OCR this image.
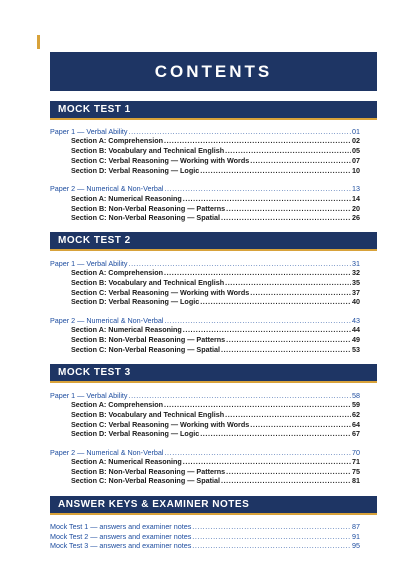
CONTENTS
MOCK TEST 1
Paper 1 — Verbal Ability .....	01
Section A: Comprehension .....	02
Section B: Vocabulary and Technical English .....	05
Section C: Verbal Reasoning — Working with Words .....	07
Section D: Verbal Reasoning — Logic .....	10
Paper 2 — Numerical & Non-Verbal .....	13
Section A: Numerical Reasoning .....	14
Section B: Non-Verbal Reasoning — Patterns .....	20
Section C: Non-Verbal Reasoning — Spatial .....	26
MOCK TEST 2
Paper 1 — Verbal Ability .....	31
Section A: Comprehension .....	32
Section B: Vocabulary and Technical English .....	35
Section C: Verbal Reasoning — Working with Words .....	37
Section D: Verbal Reasoning — Logic .....	40
Paper 2 — Numerical & Non-Verbal .....	43
Section A: Numerical Reasoning .....	44
Section B: Non-Verbal Reasoning — Patterns .....	49
Section C: Non-Verbal Reasoning — Spatial .....	53
MOCK TEST 3
Paper 1 — Verbal Ability .....	58
Section A: Comprehension .....	59
Section B: Vocabulary and Technical English .....	62
Section C: Verbal Reasoning — Working with Words .....	64
Section D: Verbal Reasoning — Logic .....	67
Paper 2 — Numerical & Non-Verbal .....	70
Section A: Numerical Reasoning .....	71
Section B: Non-Verbal Reasoning — Patterns .....	75
Section C: Non-Verbal Reasoning — Spatial .....	81
ANSWER KEYS & EXAMINER NOTES
Mock Test 1 — answers and examiner notes .....	87
Mock Test 2 — answers and examiner notes .....	91
Mock Test 3 — answers and examiner notes .....	95
